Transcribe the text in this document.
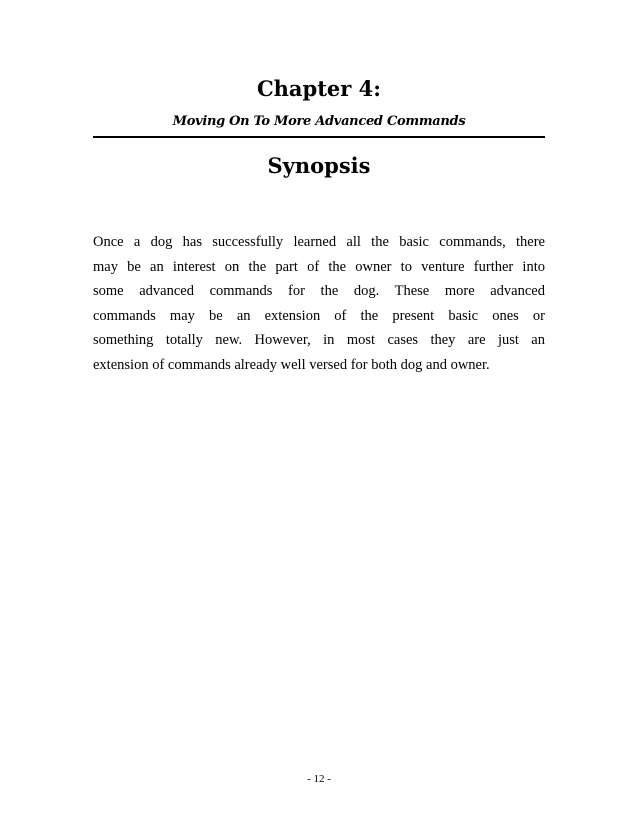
Chapter 4:
Moving On To More Advanced Commands
Synopsis

Once a dog has successfully learned all the basic commands, there
may be an interest on the part of the owner to venture further into
some advanced commands for the dog. These more advanced
commands may be an extension of the present basic ones or
something totally new. However, in most cases they are just an
extension of commands already well versed for both dog and owner.

- 12 -
